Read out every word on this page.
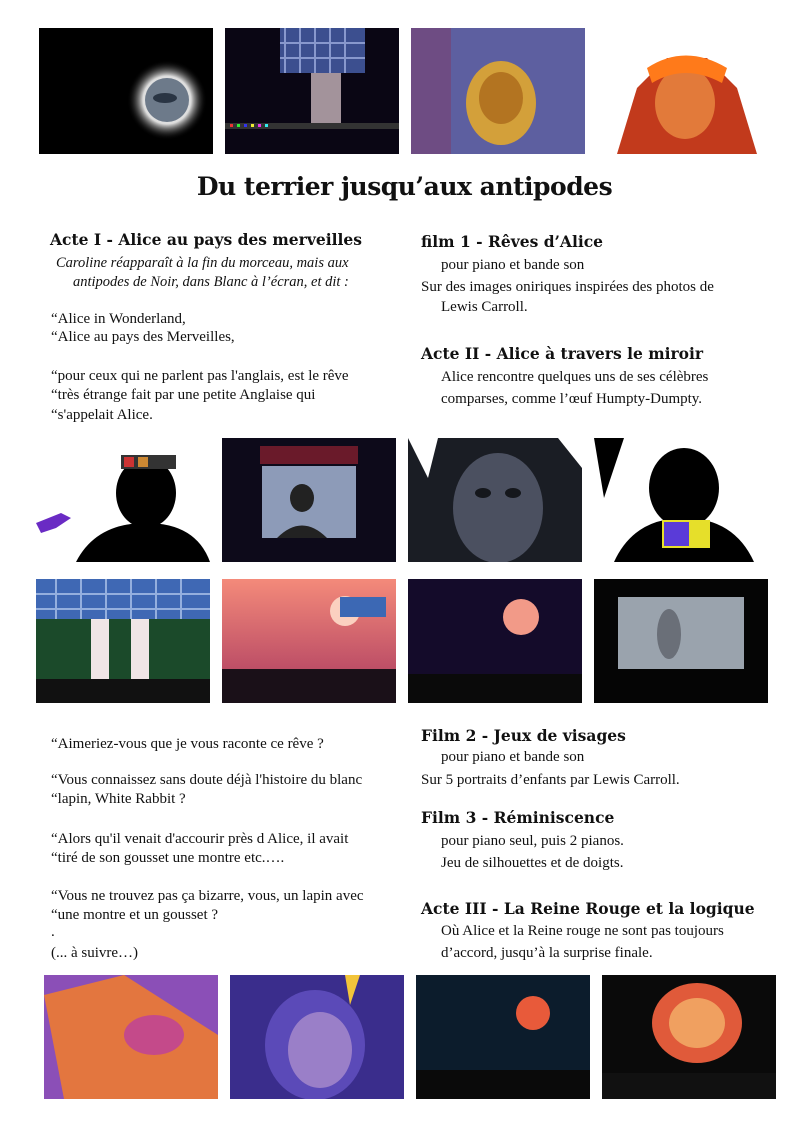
Du terrier jusqu’aux antipodes
Acte I - Alice au pays des merveilles
Caroline réapparaît à la fin du morceau, mais aux
antipodes de Noir, dans Blanc à l’écran, et dit :
“Alice in Wonderland,
“Alice au pays des Merveilles,
“pour ceux qui ne parlent pas l'anglais, est le rêve
“très étrange fait par une petite Anglaise qui
“s'appelait Alice.
film 1 - Rêves d’Alice
pour piano et bande son
Sur des images oniriques inspirées des photos de
Lewis Carroll.
Acte II - Alice à travers le miroir
Alice rencontre quelques uns de ses célèbres
comparses, comme l’œuf Humpty-Dumpty.
“Aimeriez-vous que je vous raconte ce rêve ?
“Vous connaissez sans doute déjà l'histoire du blanc
“lapin, White Rabbit ?
“Alors qu'il venait d'accourir près d Alice, il avait
“tiré de son gousset une montre etc.….
“Vous ne trouvez pas ça bizarre, vous, un lapin avec
“une montre et un gousset ?
.
(... à suivre…)
Film 2 - Jeux de visages
pour piano et bande son
Sur 5 portraits d’enfants par Lewis Carroll.
Film 3 - Réminiscence
pour piano seul, puis 2 pianos.
Jeu de silhouettes et de doigts.
Acte III - La Reine Rouge et la logique
Où Alice et la Reine rouge ne sont pas toujours
d’accord, jusqu’à la surprise finale.
